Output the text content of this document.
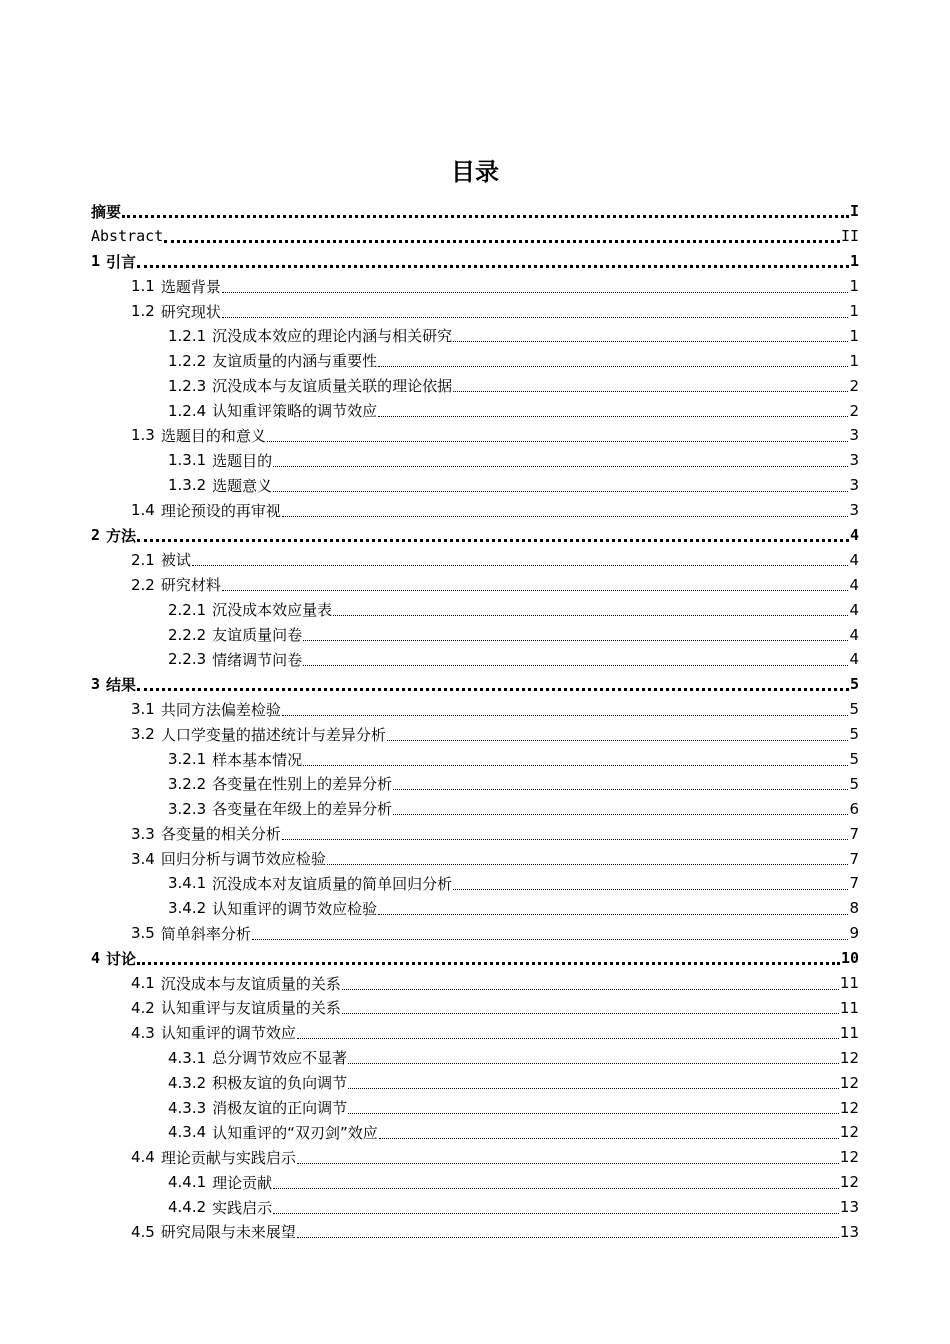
目录
摘要	I
Abstract	II
1 引言	1
1.1 选题背景	1
1.2 研究现状	1
1.2.1 沉没成本效应的理论内涵与相关研究	1
1.2.2 友谊质量的内涵与重要性	1
1.2.3 沉没成本与友谊质量关联的理论依据	2
1.2.4 认知重评策略的调节效应	2
1.3 选题目的和意义	3
1.3.1 选题目的	3
1.3.2 选题意义	3
1.4 理论预设的再审视	3
2 方法	4
2.1 被试	4
2.2 研究材料	4
2.2.1 沉没成本效应量表	4
2.2.2 友谊质量问卷	4
2.2.3 情绪调节问卷	4
3 结果	5
3.1 共同方法偏差检验	5
3.2 人口学变量的描述统计与差异分析	5
3.2.1 样本基本情况	5
3.2.2 各变量在性别上的差异分析	5
3.2.3 各变量在年级上的差异分析	6
3.3 各变量的相关分析	7
3.4 回归分析与调节效应检验	7
3.4.1 沉没成本对友谊质量的简单回归分析	7
3.4.2 认知重评的调节效应检验	8
3.5 简单斜率分析	9
4 讨论	10
4.1 沉没成本与友谊质量的关系	11
4.2 认知重评与友谊质量的关系	11
4.3 认知重评的调节效应	11
4.3.1 总分调节效应不显著	12
4.3.2 积极友谊的负向调节	12
4.3.3 消极友谊的正向调节	12
4.3.4 认知重评的“双刃剑”效应	12
4.4 理论贡献与实践启示	12
4.4.1 理论贡献	12
4.4.2 实践启示	13
4.5 研究局限与未来展望	13
